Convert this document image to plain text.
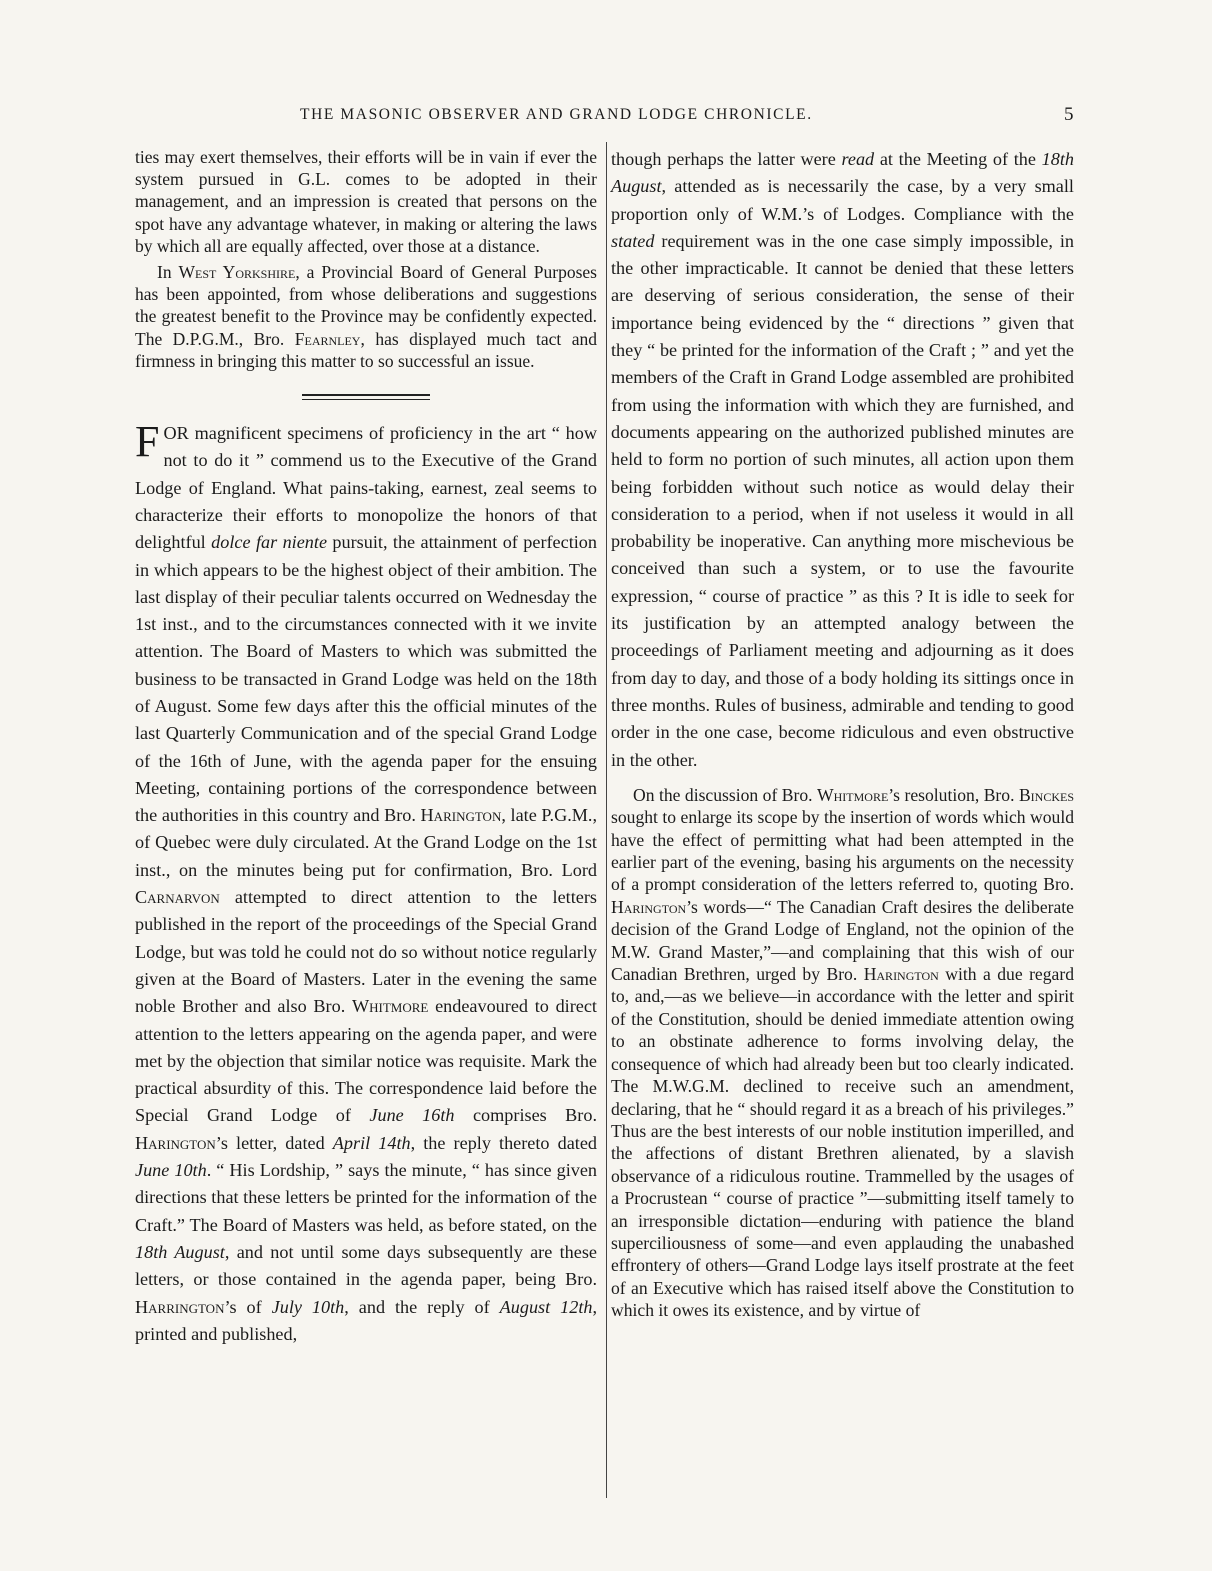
THE MASONIC OBSERVER AND GRAND LODGE CHRONICLE.	5

ties may exert themselves, their efforts will be in vain if ever the system pursued in G.L. comes to be adopted in their management, and an impression is created that persons on the spot have any advantage whatever, in making or altering the laws by which all are equally affected, over those at a distance.

In West Yorkshire, a Provincial Board of General Purposes has been appointed, from whose deliberations and suggestions the greatest benefit to the Province may be confidently expected. The D.P.G.M., Bro. Fearnley, has displayed much tact and firmness in bringing this matter to so successful an issue.

FOR magnificent specimens of proficiency in the art “ how not to do it ” commend us to the Executive of the Grand Lodge of England. What pains-taking, earnest, zeal seems to characterize their efforts to monopolize the honors of that delightful dolce far niente pursuit, the attainment of perfection in which appears to be the highest object of their ambition. The last display of their peculiar talents occurred on Wednesday the 1st inst., and to the circumstances connected with it we invite attention. The Board of Masters to which was submitted the business to be transacted in Grand Lodge was held on the 18th of August. Some few days after this the official minutes of the last Quarterly Communication and of the special Grand Lodge of the 16th of June, with the agenda paper for the ensuing Meeting, containing portions of the correspondence between the authorities in this country and Bro. Harington, late P.G.M., of Quebec were duly circulated. At the Grand Lodge on the 1st inst., on the minutes being put for confirmation, Bro. Lord Carnarvon attempted to direct attention to the letters published in the report of the proceedings of the Special Grand Lodge, but was told he could not do so without notice regularly given at the Board of Masters. Later in the evening the same noble Brother and also Bro. Whitmore endeavoured to direct attention to the letters appearing on the agenda paper, and were met by the objection that similar notice was requisite. Mark the practical absurdity of this. The correspondence laid before the Special Grand Lodge of June 16th comprises Bro. Harington’s letter, dated April 14th, the reply thereto dated June 10th. “ His Lordship, ” says the minute, “ has since given directions that these letters be printed for the information of the Craft.” The Board of Masters was held, as before stated, on the 18th August, and not until some days subsequently are these letters, or those contained in the agenda paper, being Bro. Harrington’s of July 10th, and the reply of August 12th, printed and published,

though perhaps the latter were read at the Meeting of the 18th August, attended as is necessarily the case, by a very small proportion only of W.M.’s of Lodges. Compliance with the stated requirement was in the one case simply impossible, in the other impracticable. It cannot be denied that these letters are deserving of serious consideration, the sense of their importance being evidenced by the “ directions ” given that they “ be printed for the information of the Craft ; ” and yet the members of the Craft in Grand Lodge assembled are prohibited from using the information with which they are furnished, and documents appearing on the authorized published minutes are held to form no portion of such minutes, all action upon them being forbidden without such notice as would delay their consideration to a period, when if not useless it would in all probability be inoperative. Can anything more mischevious be conceived than such a system, or to use the favourite expression, “ course of practice ” as this ? It is idle to seek for its justification by an attempted analogy between the proceedings of Parliament meeting and adjourning as it does from day to day, and those of a body holding its sittings once in three months. Rules of business, admirable and tending to good order in the one case, become ridiculous and even obstructive in the other.

On the discussion of Bro. Whitmore’s resolution, Bro. Binckes sought to enlarge its scope by the insertion of words which would have the effect of permitting what had been attempted in the earlier part of the evening, basing his arguments on the necessity of a prompt consideration of the letters referred to, quoting Bro. Harington’s words—“ The Canadian Craft desires the deliberate decision of the Grand Lodge of England, not the opinion of the M.W. Grand Master,”—and complaining that this wish of our Canadian Brethren, urged by Bro. Harington with a due regard to, and,—as we believe—in accordance with the letter and spirit of the Constitution, should be denied immediate attention owing to an obstinate adherence to forms involving delay, the consequence of which had already been but too clearly indicated. The M.W.G.M. declined to receive such an amendment, declaring, that he “ should regard it as a breach of his privileges.” Thus are the best interests of our noble institution imperilled, and the affections of distant Brethren alienated, by a slavish observance of a ridiculous routine. Trammelled by the usages of a Procrustean “ course of practice ”—submitting itself tamely to an irresponsible dictation—enduring with patience the bland superciliousness of some—and even applauding the unabashed effrontery of others—Grand Lodge lays itself prostrate at the feet of an Executive which has raised itself above the Constitution to which it owes its existence, and by virtue of
